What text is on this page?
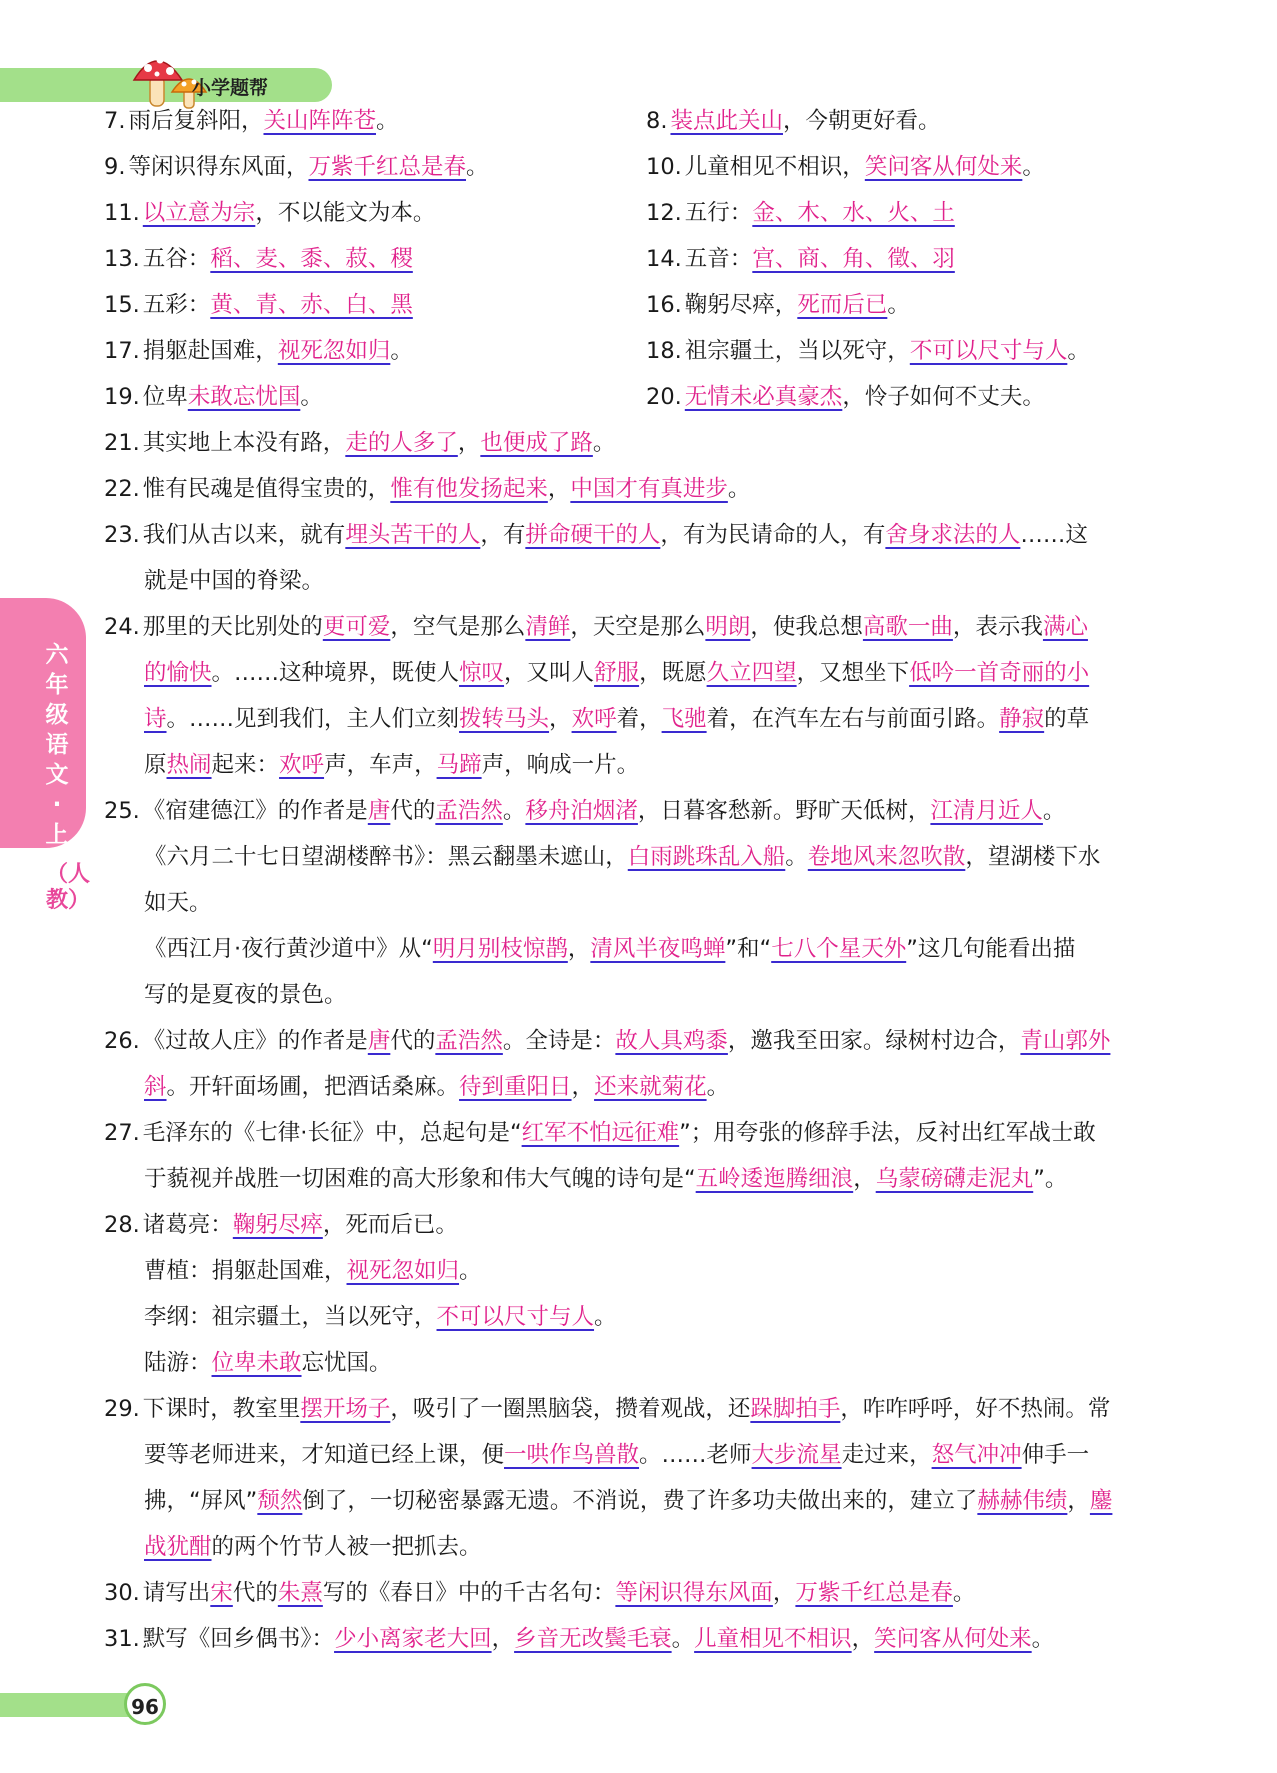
小学题帮
六年级语文·上
（人教）
7. 雨后复斜阳，关山阵阵苍。	8. 装点此关山，今朝更好看。
9. 等闲识得东风面，万紫千红总是春。	10. 儿童相见不相识，笑问客从何处来。
11. 以立意为宗，不以能文为本。	12. 五行：金、木、水、火、土
13. 五谷：稻、麦、黍、菽、稷	14. 五音：宫、商、角、徵、羽
15. 五彩：黄、青、赤、白、黑	16. 鞠躬尽瘁，死而后已。
17. 捐躯赴国难，视死忽如归。	18. 祖宗疆土，当以死守，不可以尺寸与人。
19. 位卑未敢忘忧国。	20. 无情未必真豪杰，怜子如何不丈夫。
21. 其实地上本没有路，走的人多了，也便成了路。
22. 惟有民魂是值得宝贵的，惟有他发扬起来，中国才有真进步。
23. 我们从古以来，就有埋头苦干的人，有拼命硬干的人，有为民请命的人，有舍身求法的人……这
就是中国的脊梁。
24. 那里的天比别处的更可爱，空气是那么清鲜，天空是那么明朗，使我总想高歌一曲，表示我满心
的愉快。……这种境界，既使人惊叹，又叫人舒服，既愿久立四望，又想坐下低吟一首奇丽的小
诗。……见到我们，主人们立刻拨转马头，欢呼着，飞驰着，在汽车左右与前面引路。静寂的草
原热闹起来：欢呼声，车声，马蹄声，响成一片。
25. 《宿建德江》的作者是唐代的孟浩然。移舟泊烟渚，日暮客愁新。野旷天低树，江清月近人。
《六月二十七日望湖楼醉书》：黑云翻墨未遮山，白雨跳珠乱入船。卷地风来忽吹散，望湖楼下水
如天。
《西江月·夜行黄沙道中》从“明月别枝惊鹊，清风半夜鸣蝉”和“七八个星天外”这几句能看出描
写的是夏夜的景色。
26. 《过故人庄》的作者是唐代的孟浩然。全诗是：故人具鸡黍，邀我至田家。绿树村边合，青山郭外
斜。开轩面场圃，把酒话桑麻。待到重阳日，还来就菊花。
27. 毛泽东的《七律·长征》中，总起句是“红军不怕远征难”；用夸张的修辞手法，反衬出红军战士敢
于藐视并战胜一切困难的高大形象和伟大气魄的诗句是“五岭逶迤腾细浪，乌蒙磅礴走泥丸”。
28. 诸葛亮：鞠躬尽瘁，死而后已。
曹植：捐躯赴国难，视死忽如归。
李纲：祖宗疆土，当以死守，不可以尺寸与人。
陆游：位卑未敢忘忧国。
29. 下课时，教室里摆开场子，吸引了一圈黑脑袋，攒着观战，还跺脚拍手，咋咋呼呼，好不热闹。常
要等老师进来，才知道已经上课，便一哄作鸟兽散。……老师大步流星走过来，怒气冲冲伸手一
拂，“屏风”颓然倒了，一切秘密暴露无遗。不消说，费了许多功夫做出来的，建立了赫赫伟绩，鏖
战犹酣的两个竹节人被一把抓去。
30. 请写出宋代的朱熹写的《春日》中的千古名句：等闲识得东风面，万紫千红总是春。
31. 默写《回乡偶书》：少小离家老大回，乡音无改鬓毛衰。儿童相见不相识，笑问客从何处来。
96
